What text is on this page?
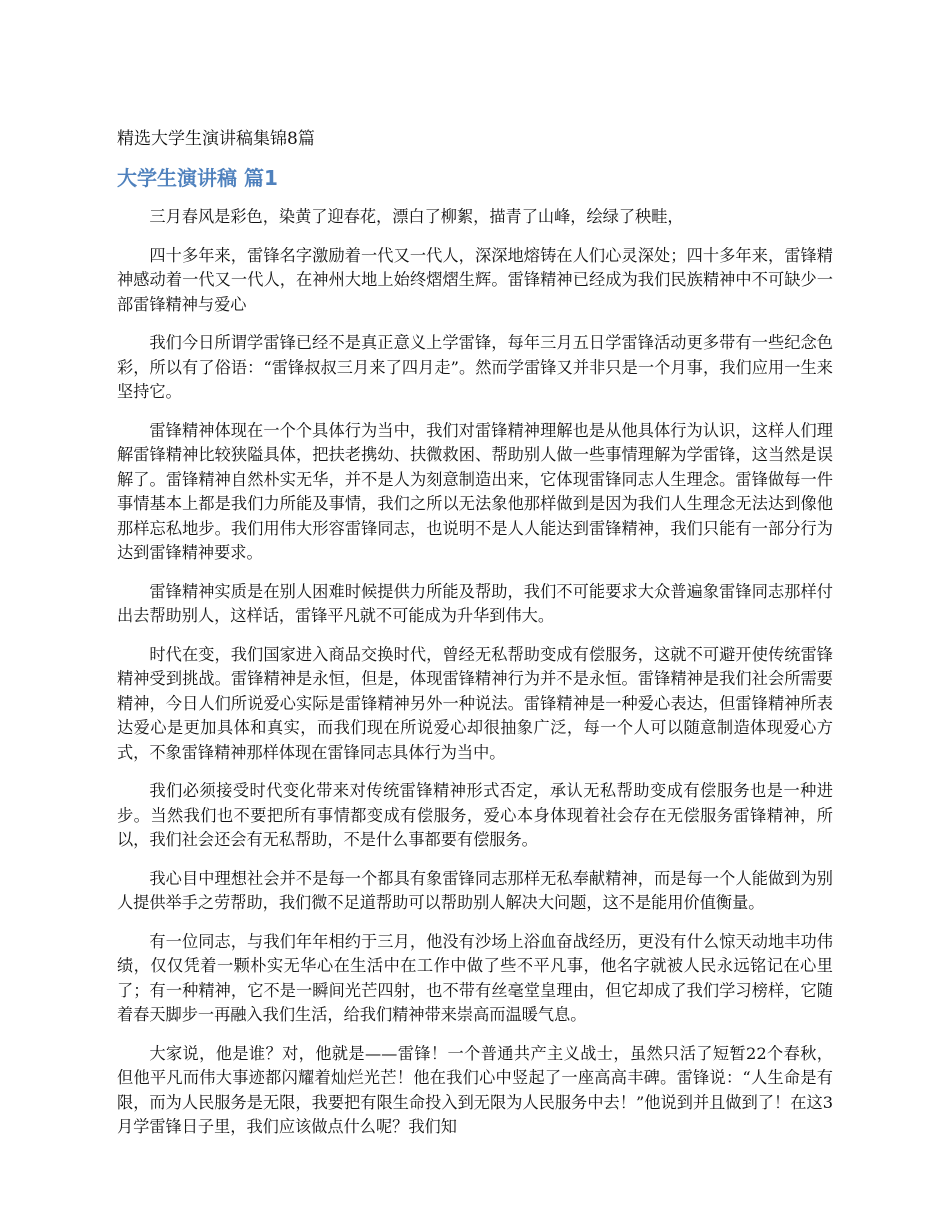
精选大学生演讲稿集锦8篇
大学生演讲稿 篇1

三月春风是彩色，染黄了迎春花，漂白了柳絮，描青了山峰，绘绿了秧畦，

四十多年来，雷锋名字激励着一代又一代人，深深地熔铸在人们心灵深处；四十多年来，雷锋精神感动着一代又一代人，在神州大地上始终熠熠生辉。雷锋精神已经成为我们民族精神中不可缺少一部雷锋精神与爱心

我们今日所谓学雷锋已经不是真正意义上学雷锋，每年三月五日学雷锋活动更多带有一些纪念色彩，所以有了俗语：“雷锋叔叔三月来了四月走”。然而学雷锋又并非只是一个月事，我们应用一生来坚持它。

雷锋精神体现在一个个具体行为当中，我们对雷锋精神理解也是从他具体行为认识，这样人们理解雷锋精神比较狭隘具体，把扶老携幼、扶微救困、帮助别人做一些事情理解为学雷锋，这当然是误解了。雷锋精神自然朴实无华，并不是人为刻意制造出来，它体现雷锋同志人生理念。雷锋做每一件事情基本上都是我们力所能及事情，我们之所以无法象他那样做到是因为我们人生理念无法达到像他那样忘私地步。我们用伟大形容雷锋同志，也说明不是人人能达到雷锋精神，我们只能有一部分行为达到雷锋精神要求。

雷锋精神实质是在别人困难时候提供力所能及帮助，我们不可能要求大众普遍象雷锋同志那样付出去帮助别人，这样话，雷锋平凡就不可能成为升华到伟大。

时代在变，我们国家进入商品交换时代，曾经无私帮助变成有偿服务，这就不可避开使传统雷锋精神受到挑战。雷锋精神是永恒，但是，体现雷锋精神行为并不是永恒。雷锋精神是我们社会所需要精神，今日人们所说爱心实际是雷锋精神另外一种说法。雷锋精神是一种爱心表达，但雷锋精神所表达爱心是更加具体和真实，而我们现在所说爱心却很抽象广泛，每一个人可以随意制造体现爱心方式，不象雷锋精神那样体现在雷锋同志具体行为当中。

我们必须接受时代变化带来对传统雷锋精神形式否定，承认无私帮助变成有偿服务也是一种进步。当然我们也不要把所有事情都变成有偿服务，爱心本身体现着社会存在无偿服务雷锋精神，所以，我们社会还会有无私帮助，不是什么事都要有偿服务。

我心目中理想社会并不是每一个都具有象雷锋同志那样无私奉献精神，而是每一个人能做到为别人提供举手之劳帮助，我们微不足道帮助可以帮助别人解决大问题，这不是能用价值衡量。

有一位同志，与我们年年相约于三月，他没有沙场上浴血奋战经历，更没有什么惊天动地丰功伟绩，仅仅凭着一颗朴实无华心在生活中在工作中做了些不平凡事，他名字就被人民永远铭记在心里了；有一种精神，它不是一瞬间光芒四射，也不带有丝毫堂皇理由，但它却成了我们学习榜样，它随着春天脚步一再融入我们生活，给我们精神带来崇高而温暖气息。

大家说，他是谁？对，他就是——雷锋！一个普通共产主义战士，虽然只活了短暂22个春秋，但他平凡而伟大事迹都闪耀着灿烂光芒！他在我们心中竖起了一座高高丰碑。雷锋说：“人生命是有限，而为人民服务是无限，我要把有限生命投入到无限为人民服务中去！”他说到并且做到了！在这3月学雷锋日子里，我们应该做点什么呢？我们知
